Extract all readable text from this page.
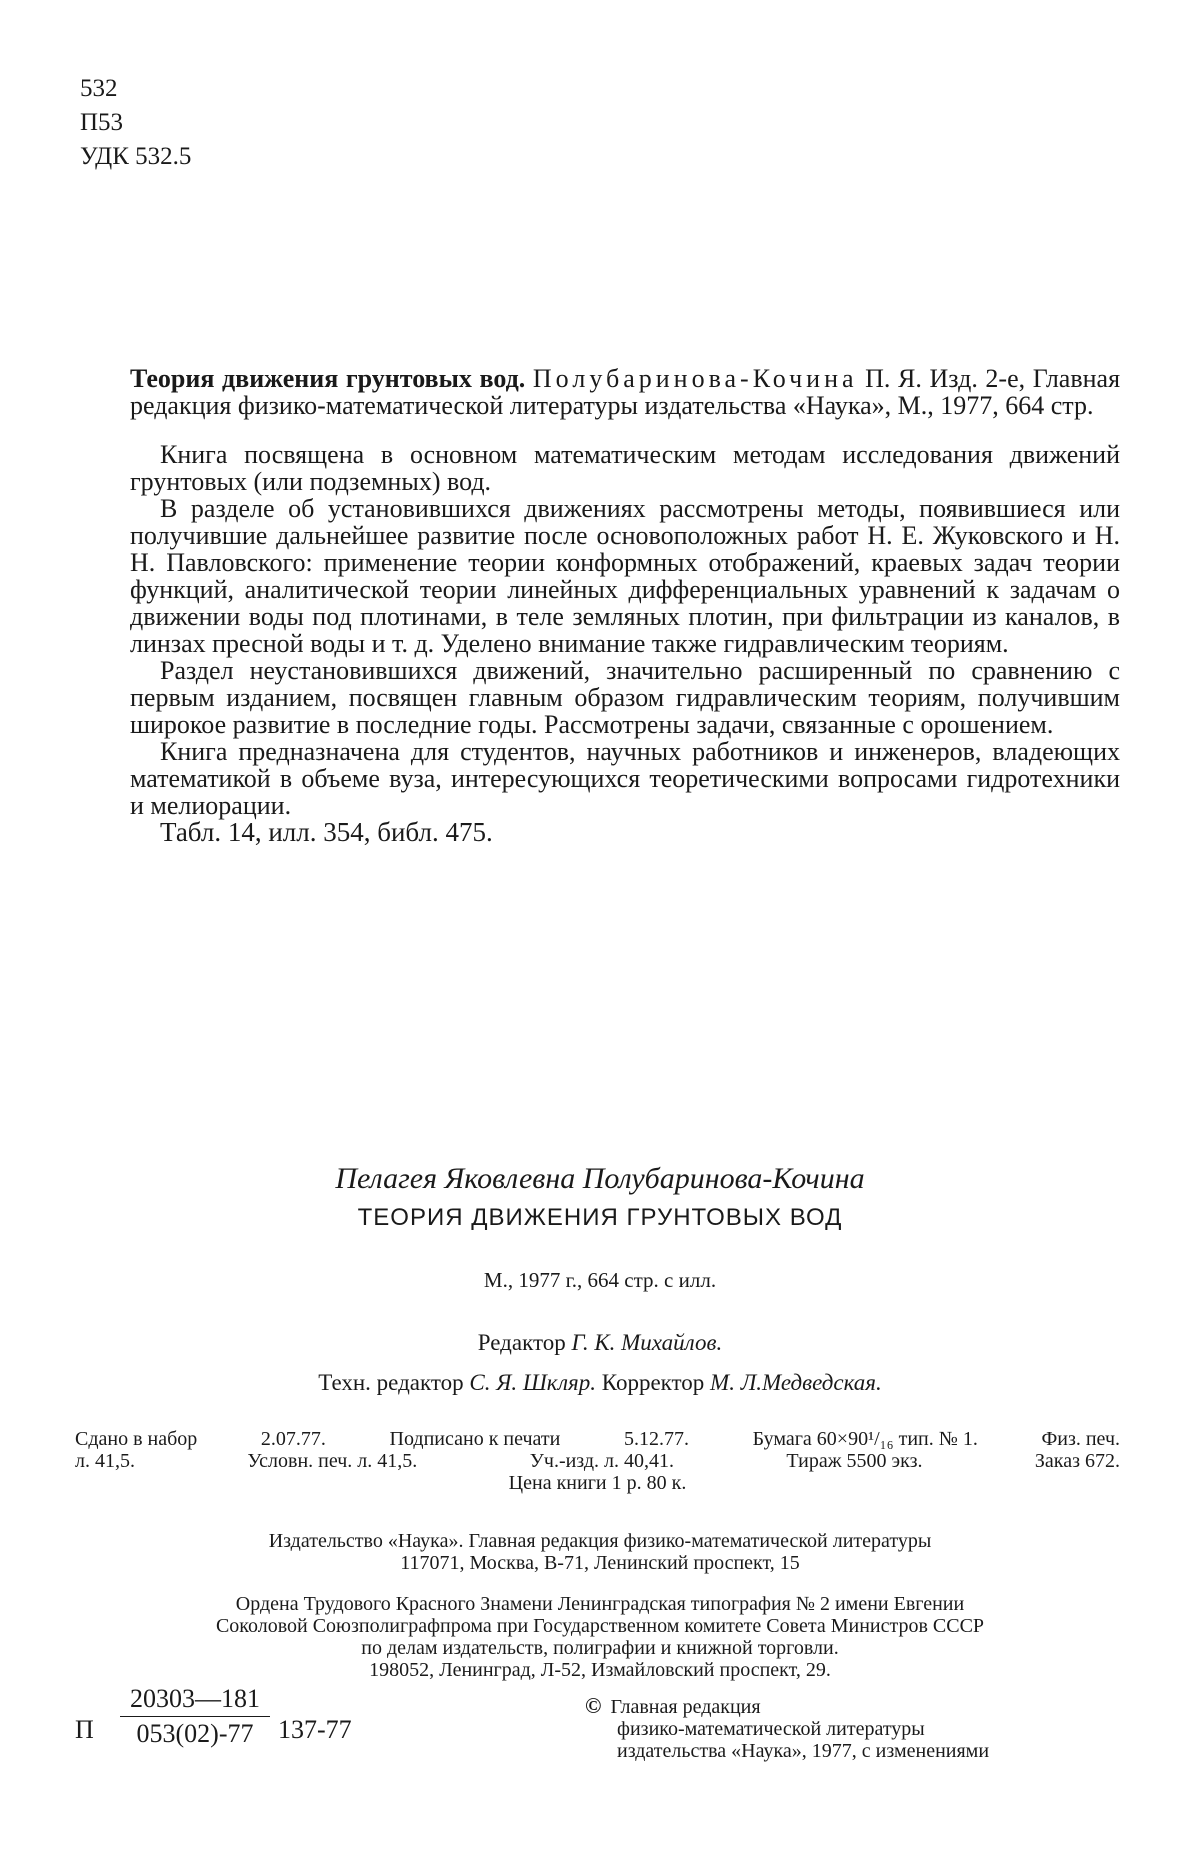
532
П53
УДК 532.5

Теория движения грунтовых вод. Полубаринова-Кочина П. Я. Изд. 2-е, Главная редакция физико-математической литературы издательства «Наука», М., 1977, 664 стр.

Книга посвящена в основном математическим методам исследования движений грунтовых (или подземных) вод.

В разделе об установившихся движениях рассмотрены методы, появившиеся или получившие дальнейшее развитие после основоположных работ Н. Е. Жуковского и Н. Н. Павловского: применение теории конформных отображений, краевых задач теории функций, аналитической теории линейных дифференциальных уравнений к задачам о движении воды под плотинами, в теле земляных плотин, при фильтрации из каналов, в линзах пресной воды и т. д. Уделено внимание также гидравлическим теориям.

Раздел неустановившихся движений, значительно расширенный по сравнению с первым изданием, посвящен главным образом гидравлическим теориям, получившим широкое развитие в последние годы. Рассмотрены задачи, связанные с орошением.

Книга предназначена для студентов, научных работников и инженеров, владеющих математикой в объеме вуза, интересующихся теоретическими вопросами гидротехники и мелиорации.

Табл. 14, илл. 354, библ. 475.

Пелагея Яковлевна Полубаринова-Кочина
ТЕОРИЯ ДВИЖЕНИЯ ГРУНТОВЫХ ВОД
М., 1977 г., 664 стр. с илл.
Редактор Г. К. Михайлов.
Техн. редактор С. Я. Шкляр. Корректор М. Л.Медведская.
Сдано в набор	2.07.77.	Подписано к печати	5.12.77.	Бумага 60×90¹/₁₆ тип. № 1.	Физ. печ.
л. 41,5.	Условн. печ. л. 41,5.	Уч.-изд. л. 40,41.	Тираж 5500 экз.	Заказ 672.
Цена книги 1 р. 80 к.
Издательство «Наука». Главная редакция физико-математической литературы
117071, Москва, В-71, Ленинский проспект, 15
Ордена Трудового Красного Знамени Ленинградская типография № 2 имени Евгении
Соколовой Союзполиграфпрома при Государственном комитете Совета Министров СССР
по делам издательств, полиграфии и книжной торговли.
198052, Ленинград, Л-52, Измайловский проспект, 29.
П $\frac{20303—181}{053(02)-77} 137-77$
© Главная редакция
физико-математической литературы
издательства «Наука», 1977, с изменениями
